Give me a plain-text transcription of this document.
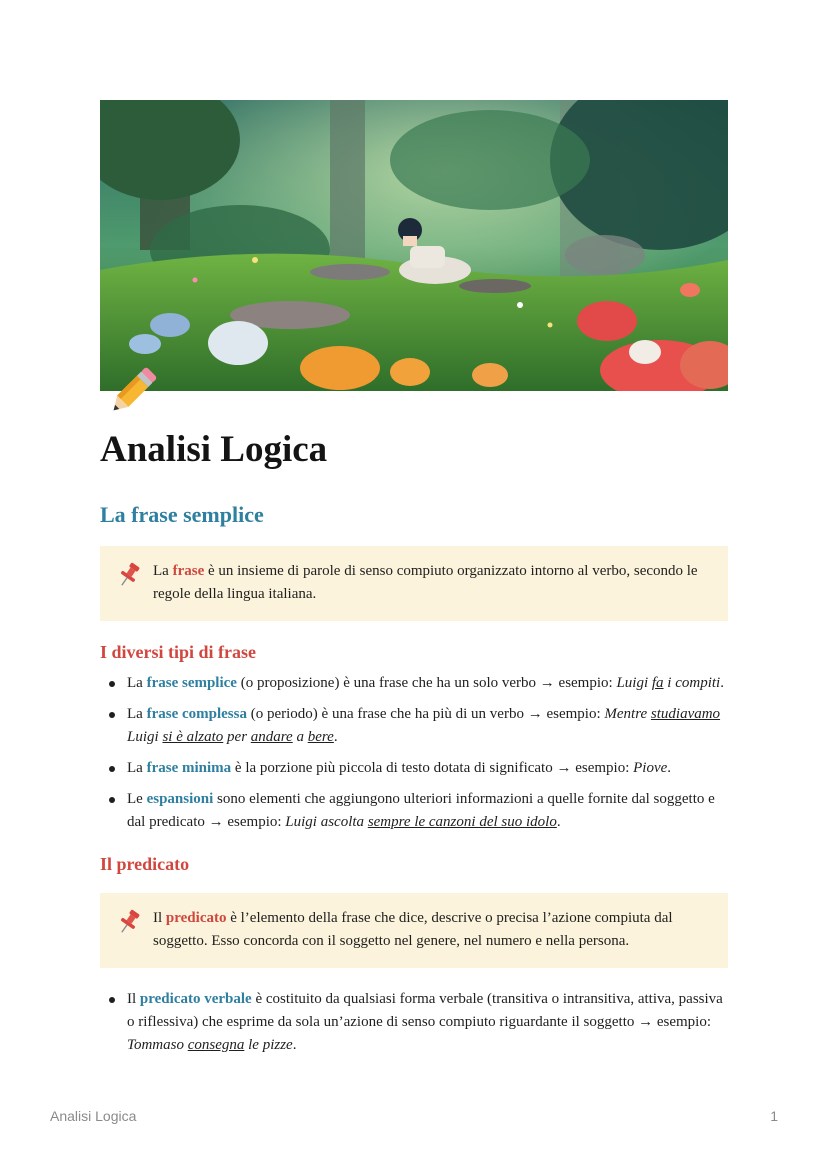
Analisi Logica
La frase semplice
La frase è un insieme di parole di senso compiuto organizzato intorno al verbo, secondo le regole della lingua italiana.
I diversi tipi di frase
La frase semplice (o proposizione) è una frase che ha un solo verbo → esempio: Luigi fa i compiti.
La frase complessa (o periodo) è una frase che ha più di un verbo → esempio: Mentre studiavamo Luigi si è alzato per andare a bere.
La frase minima è la porzione più piccola di testo dotata di significato → esempio: Piove.
Le espansioni sono elementi che aggiungono ulteriori informazioni a quelle fornite dal soggetto e dal predicato → esempio: Luigi ascolta sempre le canzoni del suo idolo.
Il predicato
Il predicato è l’elemento della frase che dice, descrive o precisa l’azione compiuta dal soggetto. Esso concorda con il soggetto nel genere, nel numero e nella persona.
Il predicato verbale è costituito da qualsiasi forma verbale (transitiva o intransitiva, attiva, passiva o riflessiva) che esprime da sola un’azione di senso compiuto riguardante il soggetto → esempio: Tommaso consegna le pizze.
Analisi Logica	1
